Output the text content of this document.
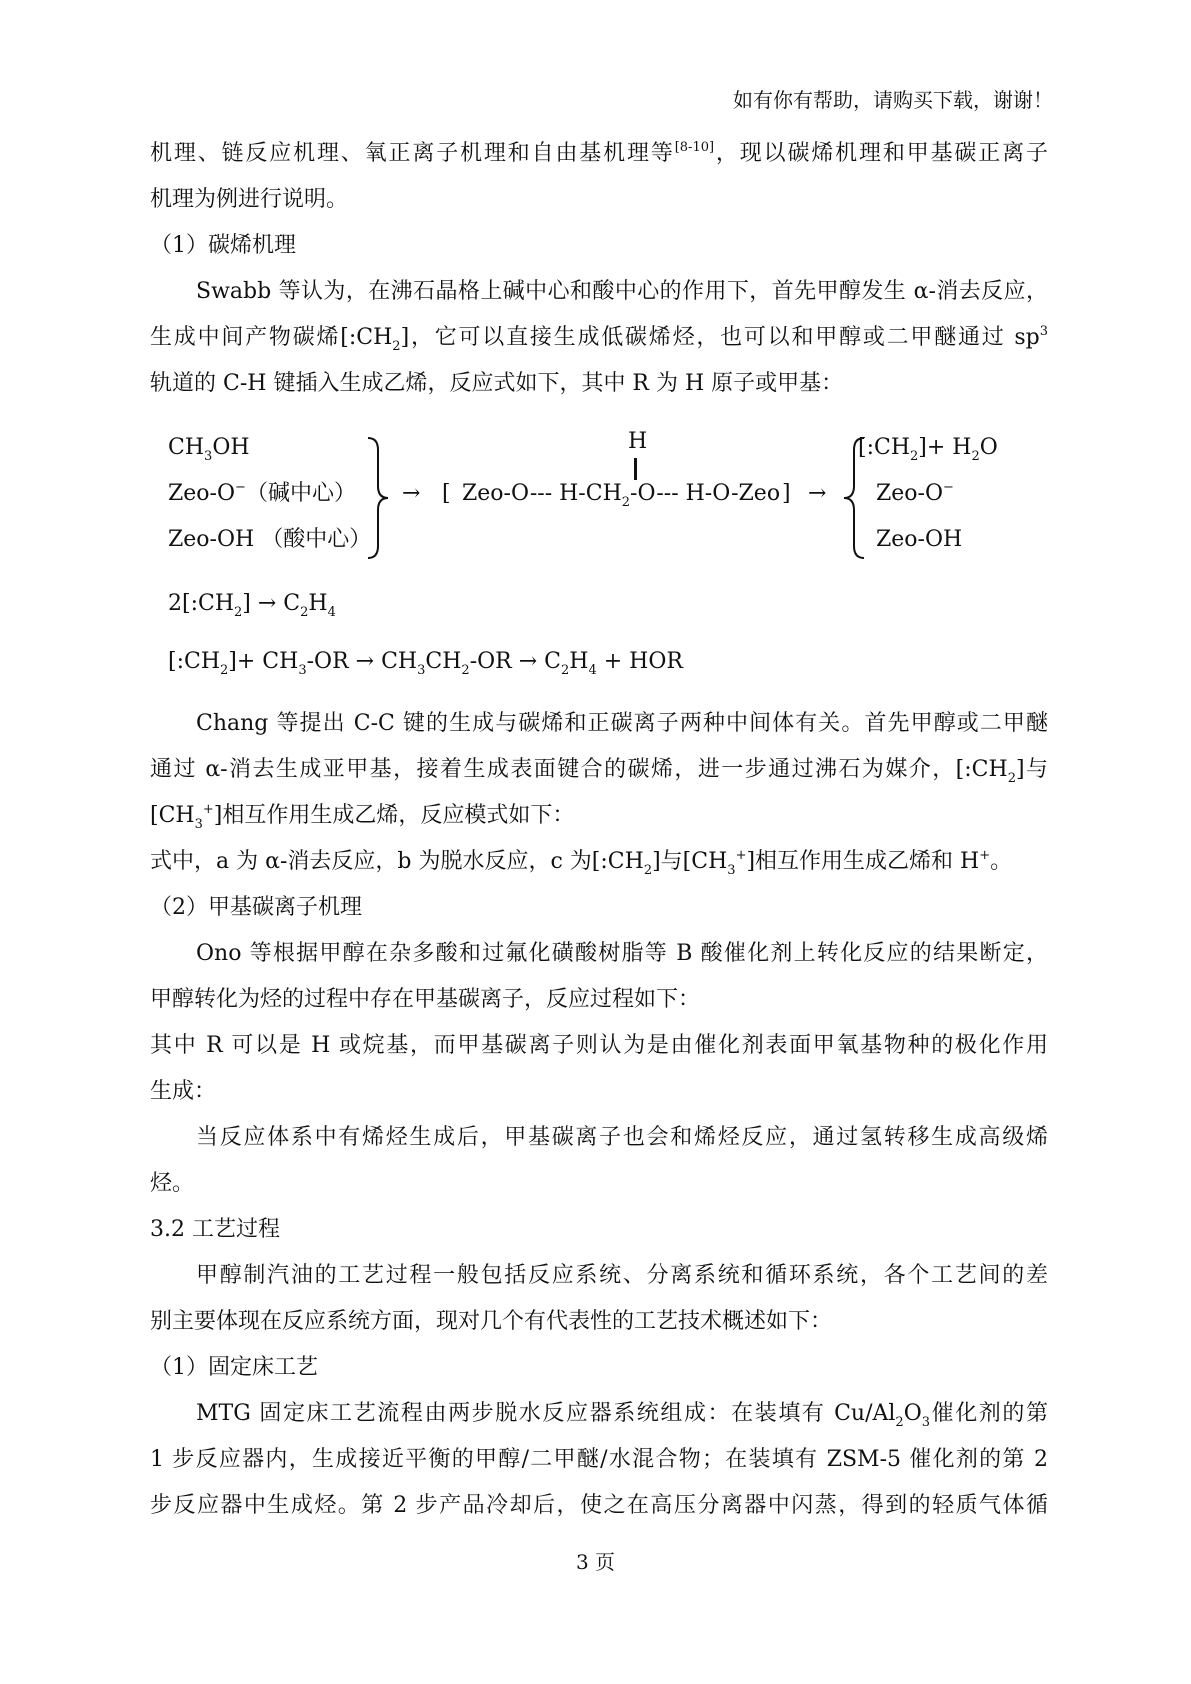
如有你有帮助，请购买下载，谢谢！
机理、链反应机理、氧正离子机理和自由基机理等[8-10]，现以碳烯机理和甲基碳正离子
机理为例进行说明。
（1）碳烯机理
Swabb 等认为，在沸石晶格上碱中心和酸中心的作用下，首先甲醇发生 α-消去反应，
生成中间产物碳烯$[:CH_2]$，它可以直接生成低碳烯烃，也可以和甲醇或二甲醚通过 $sp^3$
轨道的 C-H 键插入生成乙烯，反应式如下，其中 R 为 H 原子或甲基：
$CH_3OH$
Zeo-O−（碱中心）
Zeo-OH （酸中心）
→ [ Zeo-O--- $H-CH_2-O---$ H-O-Zeo
H
] →
$[:CH_2]+ H_2O$
Zeo-O−
Zeo-OH
$2[:CH_2] \to C_2H_4$
$[:CH_2]+ CH_3-OR \to CH_3CH_2-OR \to C_2H_4$ + HOR
Chang 等提出 C-C 键的生成与碳烯和正碳离子两种中间体有关。首先甲醇或二甲醚
通过 α-消去生成亚甲基，接着生成表面键合的碳烯，进一步通过沸石为媒介，$[:CH_2]$与
$[CH_3^+]$相互作用生成乙烯，反应模式如下：
式中，a 为 α-消去反应，b 为脱水反应，c 为$[:CH_2]$与$[CH_3^+]$相互作用生成乙烯和 H+。
（2）甲基碳离子机理
Ono 等根据甲醇在杂多酸和过氟化磺酸树脂等 B 酸催化剂上转化反应的结果断定，
甲醇转化为烃的过程中存在甲基碳离子，反应过程如下：
其中 R 可以是 H 或烷基，而甲基碳离子则认为是由催化剂表面甲氧基物种的极化作用
生成：
当反应体系中有烯烃生成后，甲基碳离子也会和烯烃反应，通过氢转移生成高级烯
烃。
3.2 工艺过程
甲醇制汽油的工艺过程一般包括反应系统、分离系统和循环系统，各个工艺间的差
别主要体现在反应系统方面，现对几个有代表性的工艺技术概述如下：
（1）固定床工艺
MTG 固定床工艺流程由两步脱水反应器系统组成：在装填有 $Cu/Al_2O_3$催化剂的第
1 步反应器内，生成接近平衡的甲醇/二甲醚/水混合物；在装填有 ZSM-5 催化剂的第 2
步反应器中生成烃。第 2 步产品冷却后，使之在高压分离器中闪蒸，得到的轻质气体循
3 页
